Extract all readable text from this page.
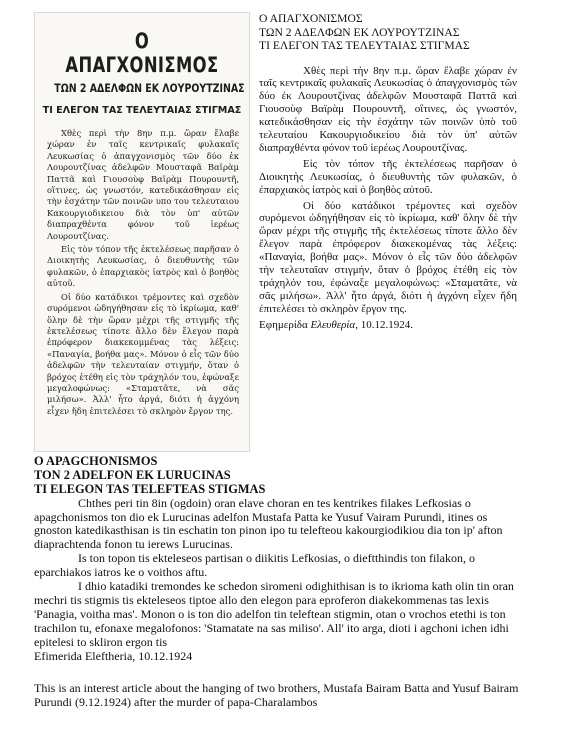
Ο ΑΠΑΓΧΟΝΙΣΜΟΣ
ΤΩΝ 2 ΑΔΕΛΦΩΝ ΕΚ ΛΟΥΡΟΥΤΖΙΝΑΣ
ΤΙ ΕΛΕΓΟΝ ΤΑΣ ΤΕΛΕΥΤΑΙΑΣ ΣΤΙΓΜΑΣ

Χθὲς περὶ τὴν 8ην π.μ. ὥραν ἔλαβε χώραν ἐν ταῖς κεντρικαῖς φυλακαῖς Λευκωσίας ὁ ἀπαγχονισμὸς τῶν δύο ἐκ Λουρουτζίνας ἀδελφῶν Μουσταφᾶ Βαϊρὰμ Παττᾶ καὶ Γιουσοὺφ Βαϊρὰμ Πουρουντῆ, οἵτινες, ὡς γνωστόν, κατεδικάσθησαν εἰς τὴν ἐσχάτην τῶν ποινῶν υπο του τελευταιου Κακουργιοδικειου διὰ τὸν ὑπ' αὐτῶν διαπραχθέντα φόνον τοῦ ἱερέως Λουρουτζίνας.

Εἰς τὸν τόπον τῆς ἐκτελέσεως παρῆσαν ὁ Διοικητὴς Λευκωσίας, ὁ διευθυντὴς τῶν φυλακῶν, ὁ ἐπαρχιακὸς ἰατρὸς καὶ ὁ βοηθὸς αὐτοῦ.

Οἱ δύο κατάδικοι τρέμοντες καὶ σχεδὸν συρόμενοι ὡδηγήθησαν εἰς τὸ ἰκρίωμα, καθ' ὅλην δὲ τὴν ὥραν μέχρι τῆς στιγμῆς τῆς ἐκτελέσεως τίποτε ἄλλο δὲν ἔλεγον παρὰ ἐπρόφερον διακεκομμένας τὰς λέξεις: «Παναγία, βοήθα μας». Μόνον ὁ εἷς τῶν δύο ἀδελφῶν τὴν τελευταίαν στιγμήν, ὅταν ὁ βρόχος ἐτέθη εἰς τὸν τράχηλόν του, ἐφώναξε μεγαλοφώνως: «Σταματᾶτε, νὰ σᾶς μιλήσω». Ἀλλ' ἦτο ἀργά, διότι ἡ ἀγχόνη εἶχεν ἤδη ἐπιτελέσει τὸ σκληρὸν ἔργον της.

Ο ΑΠΑΓΧΟΝΙΣΜΟΣ

ΤΩΝ 2 ΑΔΕΛΦΩΝ ΕΚ ΛΟΥΡΟΥΤΖΙΝΑΣ

ΤΙ ΕΛΕΓΟΝ ΤΑΣ ΤΕΛΕΥΤΑΙΑΣ ΣΤΙΓΜΑΣ

Χθὲς περὶ τὴν 8ην π.μ. ὥραν ἔλαβε χώραν ἐν ταῖς κεντρικαῖς φυλακαῖς Λευκωσίας ὁ ἀπαγχονισμὸς τῶν δύο ἐκ Λουρουτζίνας ἀδελφῶν Μουσταφᾶ Παττᾶ καὶ Γιουσοὺφ Βαϊρὰμ Πουρουντῆ, οἵτινες, ὡς γνωστόν, κατεδικάσθησαν εἰς τὴν ἐσχάτην τῶν ποινῶν ὑπὸ τοῦ τελευταίου Κακουργιοδικείου διὰ τὸν ὑπ' αὐτῶν διαπραχθέντα φόνον τοῦ ἱερέως Λουρουτζίνας.

Εἰς τὸν τόπον τῆς ἐκτελέσεως παρῆσαν ὁ Διοικητὴς Λευκωσίας, ὁ διευθυντὴς τῶν φυλακῶν, ὁ ἐπαρχιακὸς ἰατρὸς καὶ ὁ βοηθὸς αὐτοῦ.

Οἱ δύο κατάδικοι τρέμοντες καὶ σχεδὸν συρόμενοι ὡδηγήθησαν εἰς τὸ ἰκρίωμα, καθ' ὅλην δὲ τὴν ὥραν μέχρι τῆς στιγμῆς τῆς ἐκτελέσεως τίποτε ἄλλο δὲν ἔλεγον παρὰ ἐπρόφερον διακεκομένας τὰς λέξεις: «Παναγία, βοήθα μας». Μόνον ὁ εἷς τῶν δύο ἀδελφῶν τὴν τελευταῖαν στιγμήν, ὅταν ὁ βρόχος ἐτέθη εἰς τὸν τράχηλόν του, ἐφώναξε μεγαλοφώνως: «Σταματᾶτε, νὰ σᾶς μιλήσω». Ἀλλ' ἦτο ἀργά, διότι ἡ ἀγχόνη εἶχεν ἤδη ἐπιτελέσει τὸ σκληρὸν ἔργον της.

Εφημερίδα Ελευθερία, 10.12.1924.

O APAGCHONISMOS

TON 2 ADELFON EK LURUCINAS

TI ELEGON TAS TELEFTEAS STIGMAS

Chthes peri tin 8in (ogdoin) oran elave choran en tes kentrikes filakes Lefkosias o apagchonismos ton dio ek Lurucinas adelfon Mustafa Patta ke Yusuf Vairam Purundi, itines os gnoston katedikasthisan is tin eschatin ton pinon ipo tu telefteou kakourgiodikiou dia ton ip' afton diaprachtenda fonon tu ierews Lurucinas.

Is ton topon tis ekteleseos partisan o diikitis Lefkosias, o dieftthindis ton filakon, o eparchiakos iatros ke o voithos aftu.

I dhio katadiki tremondes ke schedon siromeni odighithisan is to ikrioma kath olin tin oran mechri tis stigmis tis ekteleseos tiptoe allo den elegon para eproferon diakekommenas tas lexis 'Panagia, voitha mas'. Monon o is ton dio adelfon tin teleftean stigmin, otan o vrochos etethi is ton trachilon tu, efonaxe megalofonos: 'Stamatate na sas miliso'. All' ito arga, dioti i agchoni ichen idhi epitelesi to skliron ergon tis

Efimerida Eleftheria, 10.12.1924

This is an interest article about the hanging of two brothers, Mustafa Bairam Batta and Yusuf Bairam Purundi (9.12.1924) after the murder of papa-Charalambos
